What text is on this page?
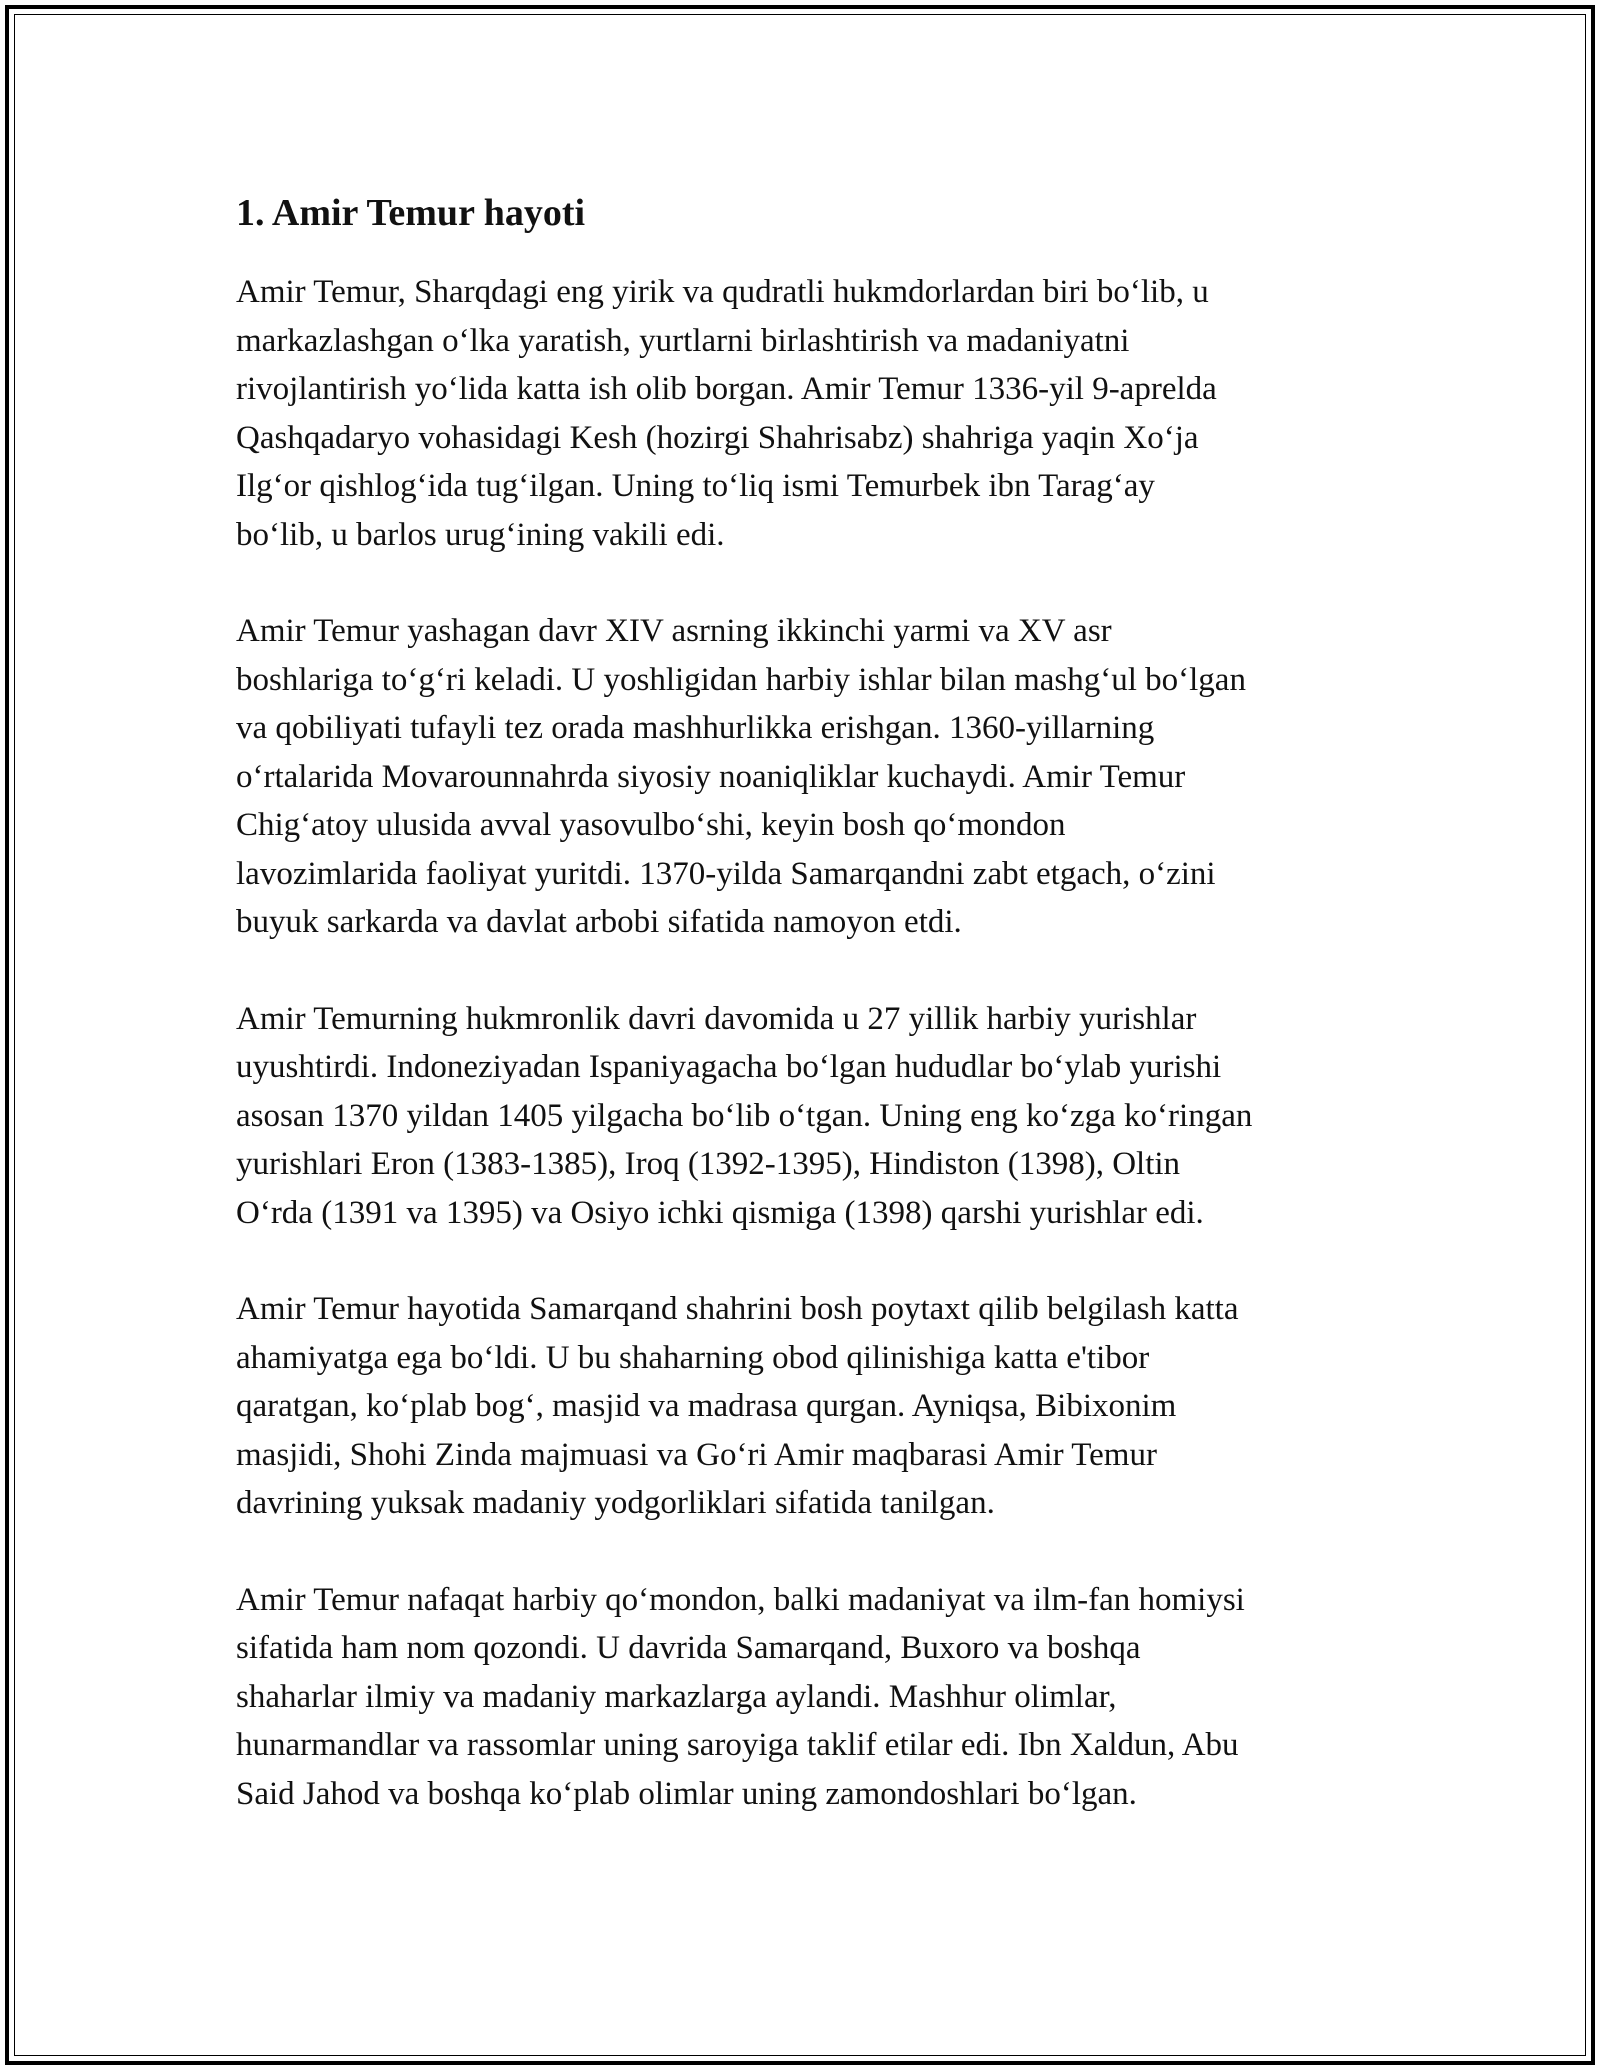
1. Amir Temur hayoti

Amir Temur, Sharqdagi eng yirik va qudratli hukmdorlardan biri bo‘lib, u
markazlashgan o‘lka yaratish, yurtlarni birlashtirish va madaniyatni
rivojlantirish yo‘lida katta ish olib borgan. Amir Temur 1336-yil 9-aprelda
Qashqadaryo vohasidagi Kesh (hozirgi Shahrisabz) shahriga yaqin Xo‘ja
Ilg‘or qishlog‘ida tug‘ilgan. Uning to‘liq ismi Temurbek ibn Tarag‘ay
bo‘lib, u barlos urug‘ining vakili edi.

Amir Temur yashagan davr XIV asrning ikkinchi yarmi va XV asr
boshlariga to‘g‘ri keladi. U yoshligidan harbiy ishlar bilan mashg‘ul bo‘lgan
va qobiliyati tufayli tez orada mashhurlikka erishgan. 1360-yillarning
o‘rtalarida Movarounnahrda siyosiy noaniqliklar kuchaydi. Amir Temur
Chig‘atoy ulusida avval yasovulbo‘shi, keyin bosh qo‘mondon
lavozimlarida faoliyat yuritdi. 1370-yilda Samarqandni zabt etgach, o‘zini
buyuk sarkarda va davlat arbobi sifatida namoyon etdi.

Amir Temurning hukmronlik davri davomida u 27 yillik harbiy yurishlar
uyushtirdi. Indoneziyadan Ispaniyagacha bo‘lgan hududlar bo‘ylab yurishi
asosan 1370 yildan 1405 yilgacha bo‘lib o‘tgan. Uning eng ko‘zga ko‘ringan
yurishlari Eron (1383-1385), Iroq (1392-1395), Hindiston (1398), Oltin
O‘rda (1391 va 1395) va Osiyo ichki qismiga (1398) qarshi yurishlar edi.

Amir Temur hayotida Samarqand shahrini bosh poytaxt qilib belgilash katta
ahamiyatga ega bo‘ldi. U bu shaharning obod qilinishiga katta e'tibor
qaratgan, ko‘plab bog‘, masjid va madrasa qurgan. Ayniqsa, Bibixonim
masjidi, Shohi Zinda majmuasi va Go‘ri Amir maqbarasi Amir Temur
davrining yuksak madaniy yodgorliklari sifatida tanilgan.

Amir Temur nafaqat harbiy qo‘mondon, balki madaniyat va ilm-fan homiysi
sifatida ham nom qozondi. U davrida Samarqand, Buxoro va boshqa
shaharlar ilmiy va madaniy markazlarga aylandi. Mashhur olimlar,
hunarmandlar va rassomlar uning saroyiga taklif etilar edi. Ibn Xaldun, Abu
Said Jahod va boshqa ko‘plab olimlar uning zamondoshlari bo‘lgan.
